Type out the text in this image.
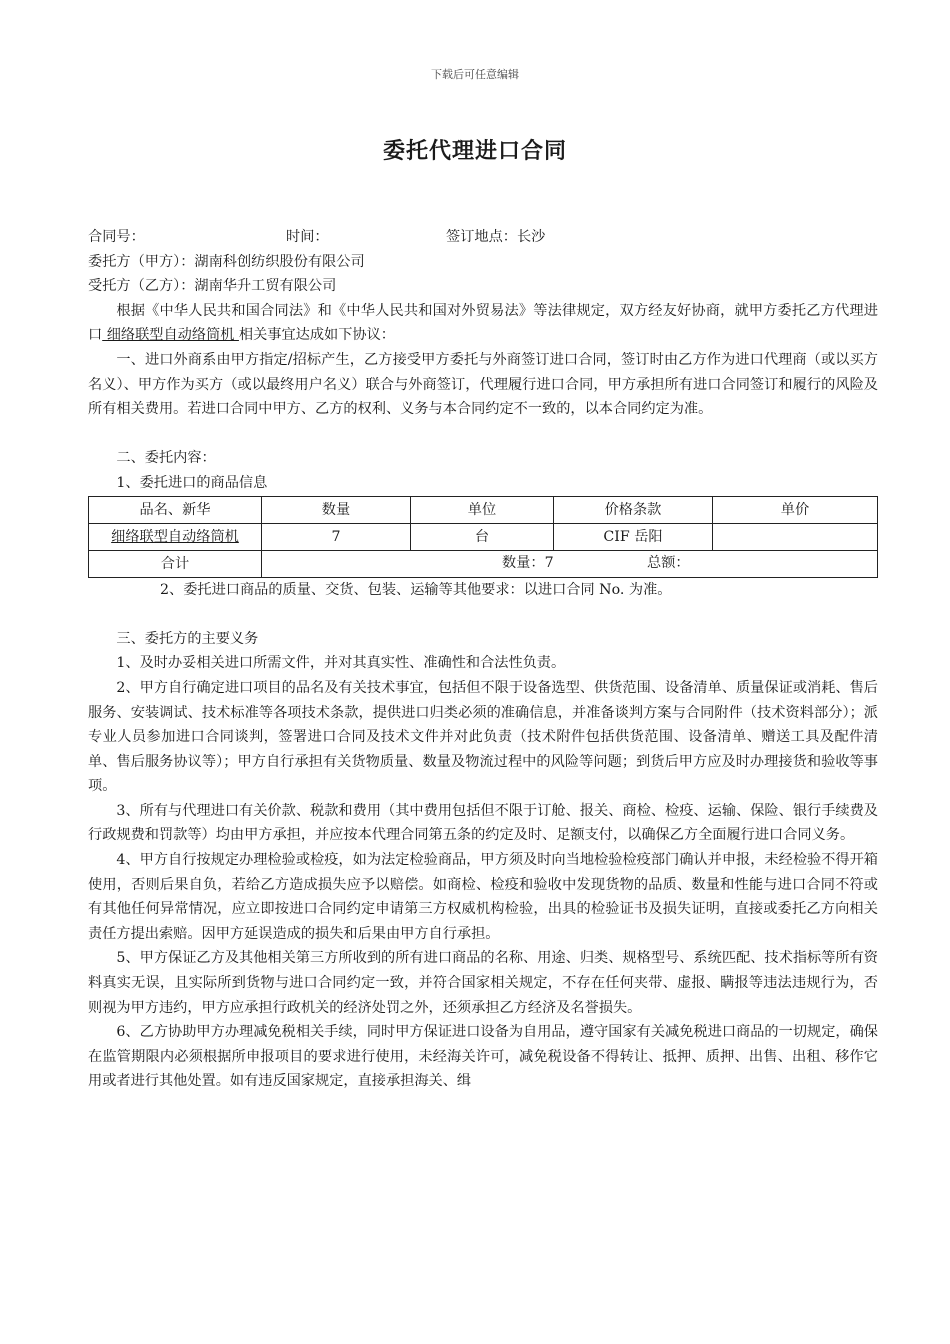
下载后可任意编辑
委托代理进口合同
合同号：	时间：	签订地点： 长沙

委托方（甲方）：湖南科创纺织股份有限公司

受托方（乙方）：湖南华升工贸有限公司

根据《中华人民共和国合同法》和《中华人民共和国对外贸易法》等法律规定，双方经友好协商，就甲方委托乙方代理进口 细络联型自动络筒机 相关事宜达成如下协议：

一、进口外商系由甲方指定/招标产生，乙方接受甲方委托与外商签订进口合同，签订时由乙方作为进口代理商（或以买方名义）、甲方作为买方（或以最终用户名义）联合与外商签订，代理履行进口合同，甲方承担所有进口合同签订和履行的风险及所有相关费用。若进口合同中甲方、乙方的权利、义务与本合同约定不一致的，以本合同约定为准。

二、委托内容：

1、委托进口的商品信息

品名、新华	数量	单位	价格条款	单价
细络联型自动络筒机	7	台	CIF 岳阳	
合计	数量：7 总额：			

2、委托进口商品的质量、交货、包装、运输等其他要求：以进口合同 No. 为准。

三、委托方的主要义务

1、及时办妥相关进口所需文件，并对其真实性、准确性和合法性负责。

2、甲方自行确定进口项目的品名及有关技术事宜，包括但不限于设备选型、供货范围、设备清单、质量保证或消耗、售后服务、安装调试、技术标准等各项技术条款，提供进口归类必须的准确信息，并准备谈判方案与合同附件（技术资料部分）；派专业人员参加进口合同谈判，签署进口合同及技术文件并对此负责（技术附件包括供货范围、设备清单、赠送工具及配件清单、售后服务协议等）；甲方自行承担有关货物质量、数量及物流过程中的风险等问题；到货后甲方应及时办理接货和验收等事项。

3、所有与代理进口有关价款、税款和费用（其中费用包括但不限于订舱、报关、商检、检疫、运输、保险、银行手续费及行政规费和罚款等）均由甲方承担，并应按本代理合同第五条的约定及时、足额支付，以确保乙方全面履行进口合同义务。

4、甲方自行按规定办理检验或检疫，如为法定检验商品，甲方须及时向当地检验检疫部门确认并申报，未经检验不得开箱使用，否则后果自负，若给乙方造成损失应予以赔偿。如商检、检疫和验收中发现货物的品质、数量和性能与进口合同不符或有其他任何异常情况，应立即按进口合同约定申请第三方权威机构检验，出具的检验证书及损失证明，直接或委托乙方向相关责任方提出索赔。因甲方延误造成的损失和后果由甲方自行承担。

5、甲方保证乙方及其他相关第三方所收到的所有进口商品的名称、用途、归类、规格型号、系统匹配、技术指标等所有资料真实无误，且实际所到货物与进口合同约定一致，并符合国家相关规定，不存在任何夹带、虚报、瞒报等违法违规行为，否则视为甲方违约，甲方应承担行政机关的经济处罚之外，还须承担乙方经济及名誉损失。

6、乙方协助甲方办理减免税相关手续，同时甲方保证进口设备为自用品，遵守国家有关减免税进口商品的一切规定，确保在监管期限内必须根据所申报项目的要求进行使用，未经海关许可，减免税设备不得转让、抵押、质押、出售、出租、移作它用或者进行其他处置。如有违反国家规定，直接承担海关、缉
